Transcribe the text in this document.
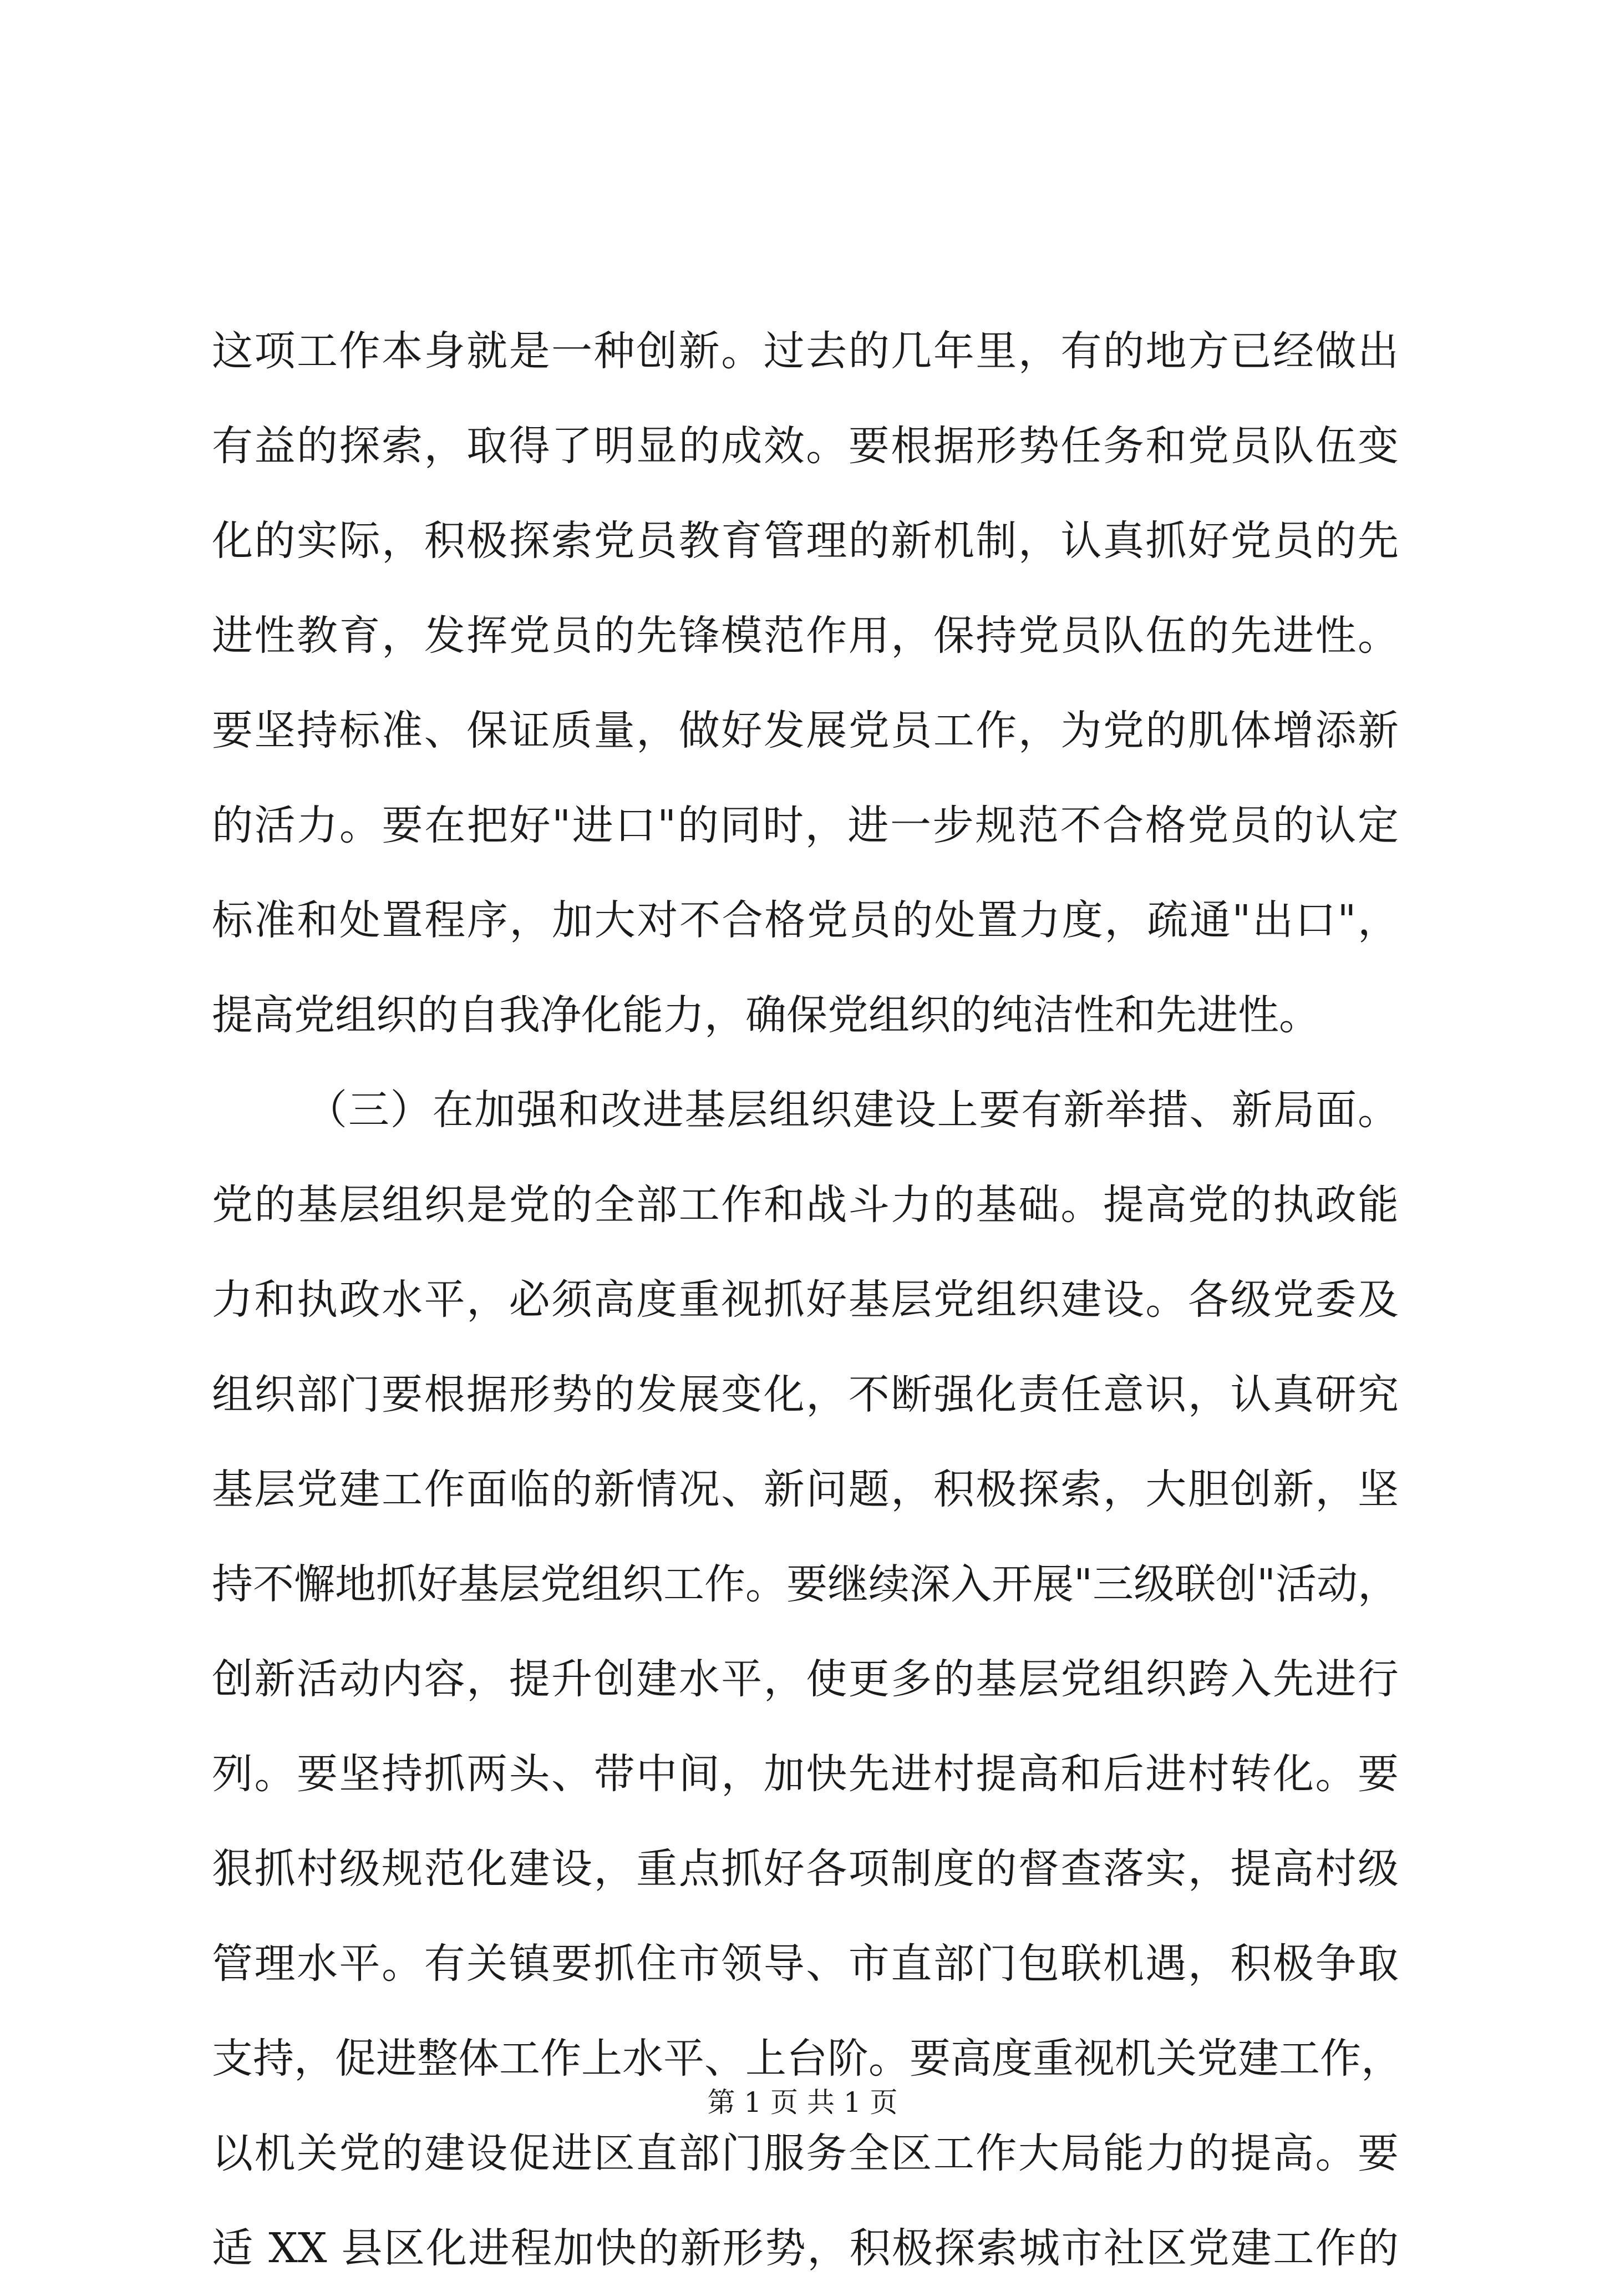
这项工作本身就是一种创新。过去的几年里，有的地方已经做出
有益的探索，取得了明显的成效。要根据形势任务和党员队伍变
化的实际，积极探索党员教育管理的新机制，认真抓好党员的先
进性教育，发挥党员的先锋模范作用，保持党员队伍的先进性。
要坚持标准、保证质量，做好发展党员工作，为党的肌体增添新
的活力。要在把好"进口"的同时，进一步规范不合格党员的认定
标准和处置程序，加大对不合格党员的处置力度，疏通"出口"，
提高党组织的自我净化能力，确保党组织的纯洁性和先进性。
（三）在加强和改进基层组织建设上要有新举措、新局面。
党的基层组织是党的全部工作和战斗力的基础。提高党的执政能
力和执政水平，必须高度重视抓好基层党组织建设。各级党委及
组织部门要根据形势的发展变化，不断强化责任意识，认真研究
基层党建工作面临的新情况、新问题，积极探索，大胆创新，坚
持不懈地抓好基层党组织工作。要继续深入开展"三级联创"活动，
创新活动内容，提升创建水平，使更多的基层党组织跨入先进行
列。要坚持抓两头、带中间，加快先进村提高和后进村转化。要
狠抓村级规范化建设，重点抓好各项制度的督查落实，提高村级
管理水平。有关镇要抓住市领导、市直部门包联机遇，积极争取
支持，促进整体工作上水平、上台阶。要高度重视机关党建工作，
以机关党的建设促进区直部门服务全区工作大局能力的提高。要
适 XX 县区化进程加快的新形势，积极探索城市社区党建工作的
第 1 页 共 1 页
